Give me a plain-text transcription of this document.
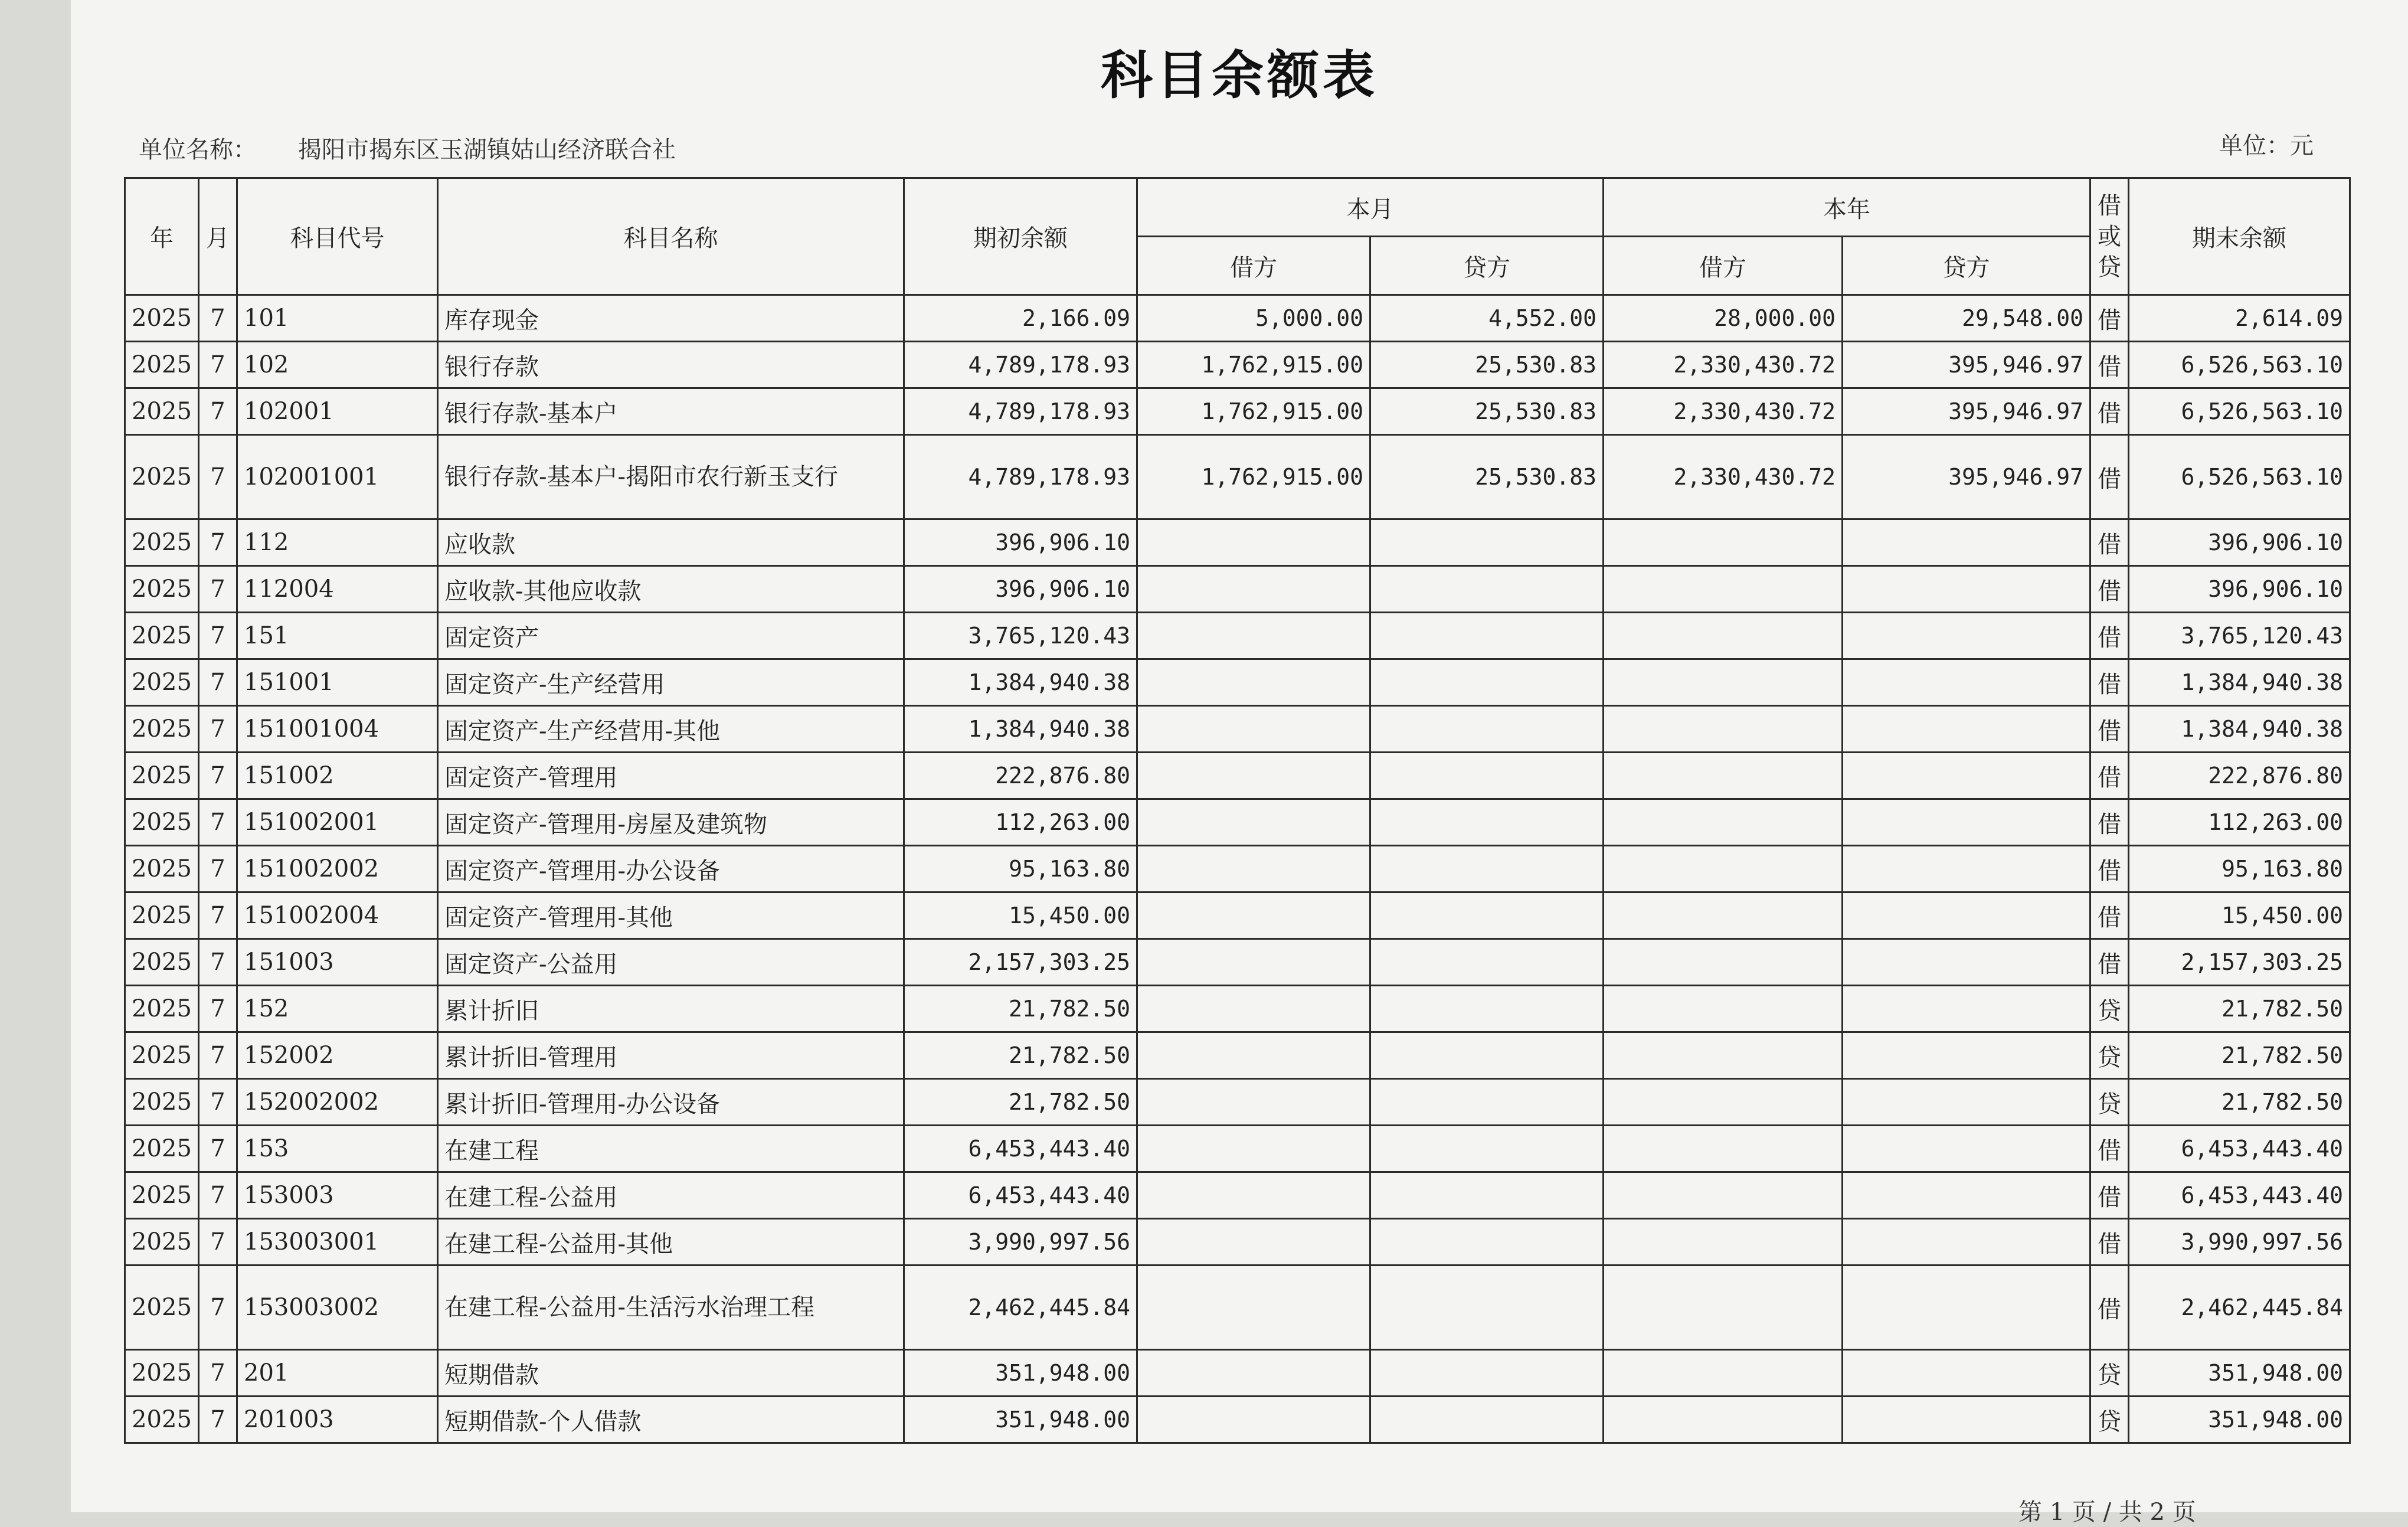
科目余额表
单位名称： 揭阳市揭东区玉湖镇姑山经济联合社	单位：元
年	月	科目代号	科目名称	期初余额	本月		本年		借
或
贷	期末余额
					借方	贷方	借方	贷方		
2025	7	101	库存现金	2,166.09	5,000.00	4,552.00	28,000.00	29,548.00	借	2,614.09
2025	7	102	银行存款	4,789,178.93	1,762,915.00	25,530.83	2,330,430.72	395,946.97	借	6,526,563.10
2025	7	102001	银行存款-基本户	4,789,178.93	1,762,915.00	25,530.83	2,330,430.72	395,946.97	借	6,526,563.10
2025	7	102001001	银行存款-基本户-揭阳市农行新玉支行	4,789,178.93	1,762,915.00	25,530.83	2,330,430.72	395,946.97	借	6,526,563.10
2025	7	112	应收款	396,906.10					借	396,906.10
2025	7	112004	应收款-其他应收款	396,906.10					借	396,906.10
2025	7	151	固定资产	3,765,120.43					借	3,765,120.43
2025	7	151001	固定资产-生产经营用	1,384,940.38					借	1,384,940.38
2025	7	151001004	固定资产-生产经营用-其他	1,384,940.38					借	1,384,940.38
2025	7	151002	固定资产-管理用	222,876.80					借	222,876.80
2025	7	151002001	固定资产-管理用-房屋及建筑物	112,263.00					借	112,263.00
2025	7	151002002	固定资产-管理用-办公设备	95,163.80					借	95,163.80
2025	7	151002004	固定资产-管理用-其他	15,450.00					借	15,450.00
2025	7	151003	固定资产-公益用	2,157,303.25					借	2,157,303.25
2025	7	152	累计折旧	21,782.50					贷	21,782.50
2025	7	152002	累计折旧-管理用	21,782.50					贷	21,782.50
2025	7	152002002	累计折旧-管理用-办公设备	21,782.50					贷	21,782.50
2025	7	153	在建工程	6,453,443.40					借	6,453,443.40
2025	7	153003	在建工程-公益用	6,453,443.40					借	6,453,443.40
2025	7	153003001	在建工程-公益用-其他	3,990,997.56					借	3,990,997.56
2025	7	153003002	在建工程-公益用-生活污水治理工程	2,462,445.84					借	2,462,445.84
2025	7	201	短期借款	351,948.00					贷	351,948.00
2025	7	201003	短期借款-个人借款	351,948.00					贷	351,948.00
第 1 页 / 共 2 页
